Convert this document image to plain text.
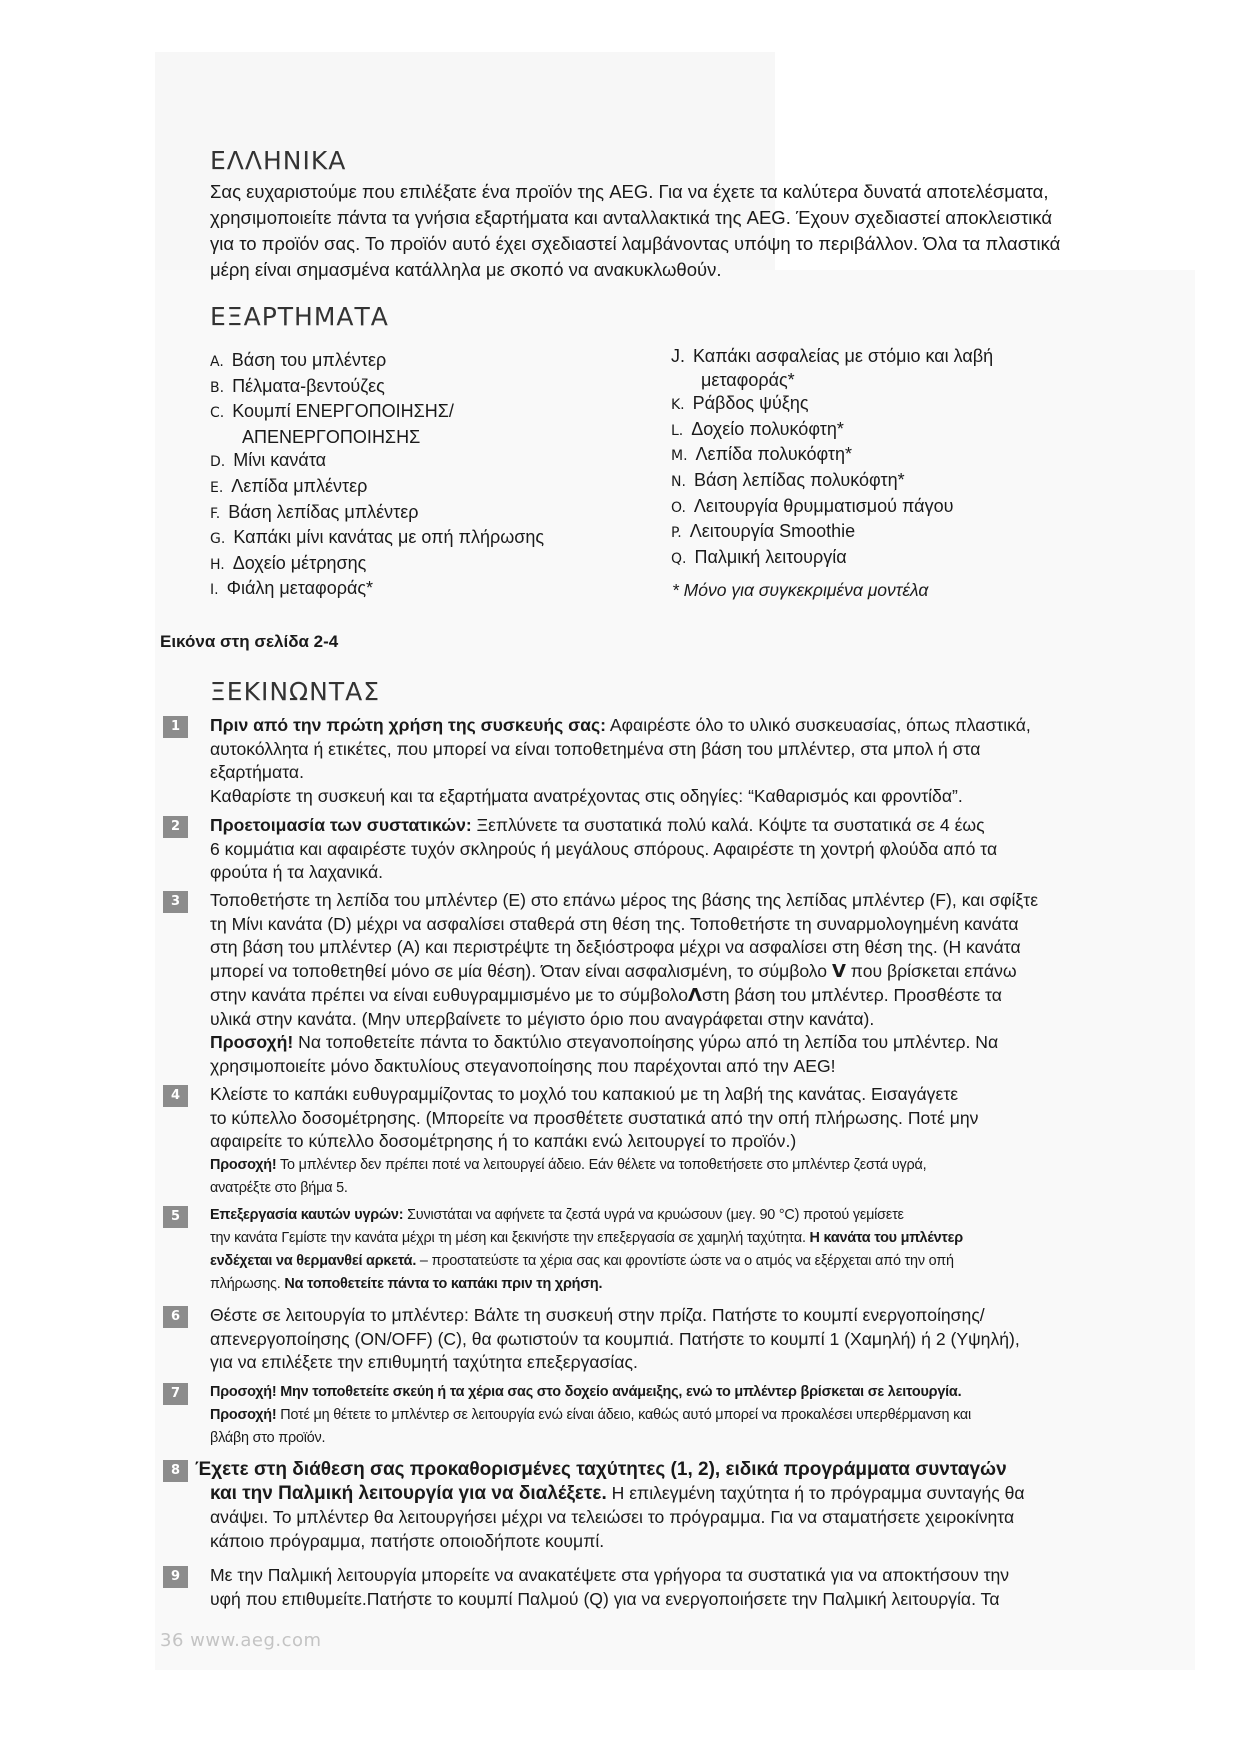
ΕΛΛΗΝΙΚΑ
Σας ευχαριστούμε που επιλέξατε ένα προϊόν της AEG. Για να έχετε τα καλύτερα δυνατά αποτελέσματα,
χρησιμοποιείτε πάντα τα γνήσια εξαρτήματα και ανταλλακτικά της AEG. Έχουν σχεδιαστεί αποκλειστικά
για το προϊόν σας. Το προϊόν αυτό έχει σχεδιαστεί λαμβάνοντας υπόψη το περιβάλλον. Όλα τα πλαστικά
μέρη είναι σημασμένα κατάλληλα με σκοπό να ανακυκλωθούν.
ΕΞΑΡΤΗΜΑΤΑ
A. Βάση του μπλέντερ
B. Πέλματα-βεντούζες
C. Κουμπί ΕΝΕΡΓΟΠΟΙΗΣΗΣ/
ΑΠΕΝΕΡΓΟΠΟΙΗΣΗΣ
D. Μίνι κανάτα
E. Λεπίδα μπλέντερ
F. Βάση λεπίδας μπλέντερ
G. Καπάκι μίνι κανάτας με οπή πλήρωσης
H. Δοχείο μέτρησης
I. Φιάλη μεταφοράς*
J. Καπάκι ασφαλείας με στόμιο και λαβή
μεταφοράς*
K. Ράβδος ψύξης
L. Δοχείο πολυκόφτη*
M. Λεπίδα πολυκόφτη*
N. Βάση λεπίδας πολυκόφτη*
O. Λειτουργία θρυμματισμού πάγου
P. Λειτουργία Smoothie
Q. Παλμική λειτουργία
* Μόνο για συγκεκριμένα μοντέλα
Εικόνα στη σελίδα 2-4
ΞΕΚΙΝΩΝΤΑΣ
1	Πριν από την πρώτη χρήση της συσκευής σας: Αφαιρέστε όλο το υλικό συσκευασίας, όπως πλαστικά,

αυτοκόλλητα ή ετικέτες, που μπορεί να είναι τοποθετημένα στη βάση του μπλέντερ, στα μπολ ή στα

εξαρτήματα.

Καθαρίστε τη συσκευή και τα εξαρτήματα ανατρέχοντας στις οδηγίες: “Καθαρισμός και φροντίδα”.

2	Προετοιμασία των συστατικών: Ξεπλύνετε τα συστατικά πολύ καλά. Κόψτε τα συστατικά σε 4 έως

6 κομμάτια και αφαιρέστε τυχόν σκληρούς ή μεγάλους σπόρους. Αφαιρέστε τη χοντρή φλούδα από τα

φρούτα ή τα λαχανικά.

3	Τοποθετήστε τη λεπίδα του μπλέντερ (E) στο επάνω μέρος της βάσης της λεπίδας μπλέντερ (F), και σφίξτε

τη Μίνι κανάτα (D) μέχρι να ασφαλίσει σταθερά στη θέση της. Τοποθετήστε τη συναρμολογημένη κανάτα

στη βάση του μπλέντερ (A) και περιστρέψτε τη δεξιόστροφα μέχρι να ασφαλίσει στη θέση της. (Η κανάτα

μπορεί να τοποθετηθεί μόνο σε μία θέση). Όταν είναι ασφαλισμένη, το σύμβολο V που βρίσκεται επάνω

στην κανάτα πρέπει να είναι ευθυγραμμισμένο με το σύμβολοΛστη βάση του μπλέντερ. Προσθέστε τα

υλικά στην κανάτα. (Μην υπερβαίνετε το μέγιστο όριο που αναγράφεται στην κανάτα).

Προσοχή! Να τοποθετείτε πάντα το δακτύλιο στεγανοποίησης γύρω από τη λεπίδα του μπλέντερ. Να

χρησιμοποιείτε μόνο δακτυλίους στεγανοποίησης που παρέχονται από την AEG!

4	Κλείστε το καπάκι ευθυγραμμίζοντας το μοχλό του καπακιού με τη λαβή της κανάτας. Εισαγάγετε

το κύπελλο δοσομέτρησης. (Μπορείτε να προσθέτετε συστατικά από την οπή πλήρωσης. Ποτέ μην

αφαιρείτε το κύπελλο δοσομέτρησης ή το καπάκι ενώ λειτουργεί το προϊόν.)

Προσοχή! Το μπλέντερ δεν πρέπει ποτέ να λειτουργεί άδειο. Εάν θέλετε να τοποθετήσετε στο μπλέντερ ζεστά υγρά,

ανατρέξτε στο βήμα 5.

5	Επεξεργασία καυτών υγρών: Συνιστάται να αφήνετε τα ζεστά υγρά να κρυώσουν (μεγ. 90 °C) προτού γεμίσετε

την κανάτα Γεμίστε την κανάτα μέχρι τη μέση και ξεκινήστε την επεξεργασία σε χαμηλή ταχύτητα. Η κανάτα του μπλέντερ

ενδέχεται να θερμανθεί αρκετά. – προστατεύστε τα χέρια σας και φροντίστε ώστε να ο ατμός να εξέρχεται από την οπή

πλήρωσης. Να τοποθετείτε πάντα το καπάκι πριν τη χρήση.

6	Θέστε σε λειτουργία το μπλέντερ: Βάλτε τη συσκευή στην πρίζα. Πατήστε το κουμπί ενεργοποίησης/

απενεργοποίησης (ON/OFF) (C), θα φωτιστούν τα κουμπιά. Πατήστε το κουμπί 1 (Χαμηλή) ή 2 (Υψηλή),

για να επιλέξετε την επιθυμητή ταχύτητα επεξεργασίας.

7	Προσοχή! Μην τοποθετείτε σκεύη ή τα χέρια σας στο δοχείο ανάμειξης, ενώ το μπλέντερ βρίσκεται σε λειτουργία.

Προσοχή! Ποτέ μη θέτετε το μπλέντερ σε λειτουργία ενώ είναι άδειο, καθώς αυτό μπορεί να προκαλέσει υπερθέρμανση και

βλάβη στο προϊόν.

8 Έχετε στη διάθεση σας προκαθορισμένες ταχύτητες (1, 2), ειδικά προγράμματα συνταγών

και την Παλμική λειτουργία για να διαλέξετε. Η επιλεγμένη ταχύτητα ή το πρόγραμμα συνταγής θα

ανάψει. Το μπλέντερ θα λειτουργήσει μέχρι να τελειώσει το πρόγραμμα. Για να σταματήσετε χειροκίνητα

κάποιο πρόγραμμα, πατήστε οποιοδήποτε κουμπί.

9	Με την Παλμική λειτουργία μπορείτε να ανακατέψετε στα γρήγορα τα συστατικά για να αποκτήσουν την

υφή που επιθυμείτε.Πατήστε το κουμπί Παλμού (Q) για να ενεργοποιήσετε την Παλμική λειτουργία. Τα

36 www.aeg.com
